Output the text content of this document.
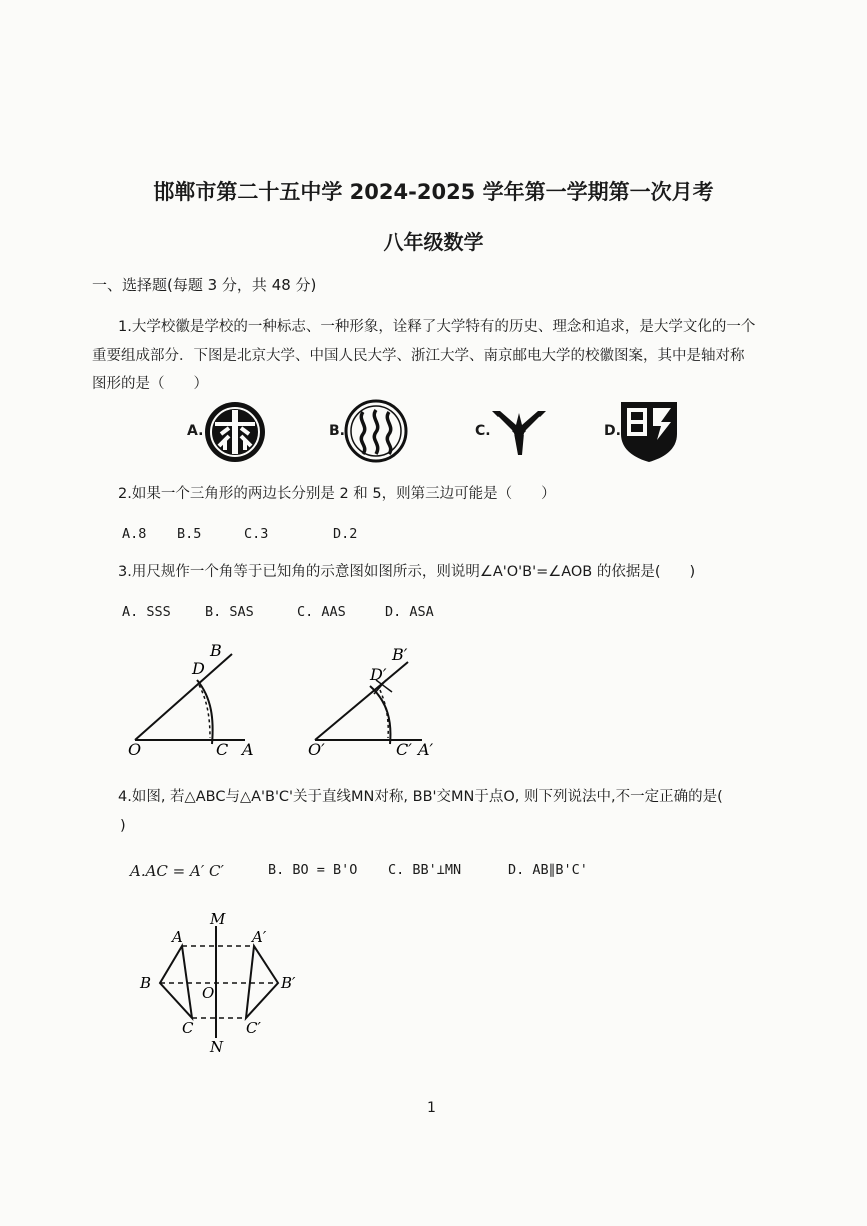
邯郸市第二十五中学 2024-2025 学年第一学期第一次月考
八年级数学
一、选择题(每题 3 分，共 48 分)
1.大学校徽是学校的一种标志、一种形象，诠释了大学特有的历史、理念和追求，是大学文化的一个
重要组成部分．下图是北京大学、中国人民大学、浙江大学、南京邮电大学的校徽图案，其中是轴对称
图形的是（　　）
A.	B.	C.	D.
2.如果一个三角形的两边长分别是 2 和 5，则第三边可能是（　　）
A.8 B.5	C.3	D.2
3.用尺规作一个角等于已知角的示意图如图所示，则说明∠A'O'B'=∠AOB 的依据是(　　)
A. SSS	B. SAS	C. AAS	D. ASA
B
D
O	C A
B′
D′
O′	C′ A′
4.如图, 若△ABC与△A'B'C'关于直线MN对称, BB'交MN于点O, 则下列说法中,不一定正确的是(
)
A.AC = A′ C′	B. BO = B'O C. BB'⊥MN	D. AB∥B'C'
M
N
A	A′
B	B′
C	C′
O
1
